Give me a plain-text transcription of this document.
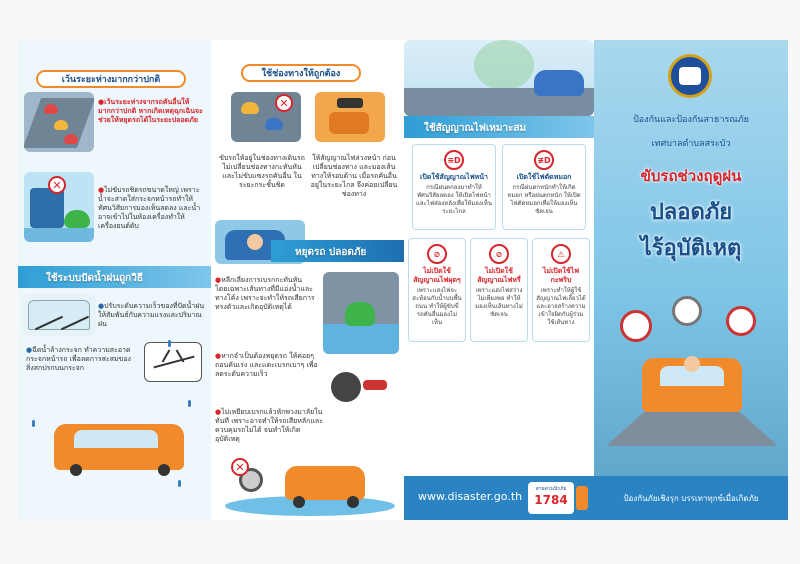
เว้นระยะห่างมากกว่าปกติ
● เว้นระยะห่างจากรถคันอื่นให้มากกว่าปกติ หากเกิดเหตุฉุกเฉินจะช่วยให้หยุดรถได้ในระยะปลอดภัย
✕
●	ไม่ขับรถชิดรถขนาดใหญ่ เพราะน้ำจะสาดใส่กระจกหน้ารถทำให้ทัศนวิสัยการมองเห็นลดลง และน้ำอาจเข้าไปในห้องเครื่องทำให้เครื่องยนต์ดับ
ใช้ระบบปัดน้ำฝนถูกวิธี
● ปรับระดับความเร็วของที่ปัดน้ำฝน ให้สัมพันธ์กับความแรงและปริมาณฝน
● ฉีดน้ำล้างกระจก ทำความสะอาดกระจกหน้ารถ เพื่อลดการสะสมของสิ่งสกปรกบนกระจก
ใช้ช่องทางให้ถูกต้อง
✕
ขับรถให้อยู่ในช่องทางเดินรถ ไม่เปลี่ยนช่องทางกะทันหัน และไม่ขับแซงรถคันอื่น ในระยะกระชั้นชิด
ให้สัญญาณไฟล่วงหน้า ก่อนเปลี่ยนช่องทาง และมองเส้นทางให้รอบด้าน เมื่อรถคันอื่นอยู่ในระยะไกล จึงค่อยเปลี่ยนช่องทาง
หยุดรถ ปลอดภัย
● หลีกเลี่ยงการเบรกกะทันหัน โดยเฉพาะเส้นทางที่มีแอ่งน้ำและทางโค้ง เพราะจะทำให้รถเสียการทรงตัวและเกิดอุบัติเหตุได้
● หากจำเป็นต้องหยุดรถ ให้ค่อยๆ ถอนคันเร่ง และแตะเบรกเบาๆ เพื่อลดระดับความเร็ว
● ไม่เหยียบเบรกแล้วหักพวงมาลัยในทันที เพราะอาจทำให้รถเสียหลักและควบคุมรถไม่ได้ จนทำให้เกิดอุบัติเหตุ
✕
ใช้สัญญาณไฟเหมาะสม
≡D
เปิดใช้สัญญาณไฟหน้า
กรณีฝนตกลงมาทำให้ทัศนวิสัยลดลง ให้เปิดไฟหน้า และไฟส่องหลังเพื่อให้มองเห็นระยะไกล
≢D
เปิดใช้ไฟตัดหมอก
กรณีฝนตกหนักทำให้เกิดหมอก หรือฝนตกหนัก ให้เปิดไฟตัดหมอกเพื่อให้มองเห็นชัดเจน
⊘
ไม่เปิดใช้สัญญาณไฟผุดๆ
เพราะแสงไฟจะสะท้อนกับน้ำบนพื้นถนน ทำให้ผู้ขับขี่รถคันอื่นมองไม่เห็น
⊘
ไม่เปิดใช้สัญญาณไฟหรี่
เพราะแสงไฟสว่างไม่เพียงพอ ทำให้มองเห็นเส้นทางไม่ชัดเจน
⚠
ไม่เปิดใช้ไฟกะพริบ
เพราะทำให้ผู้ใช้สัญญาณไฟเลี้ยวได้ และอาจสร้างความเข้าใจผิดกับผู้ร่วมใช้เส้นทาง
www.disaster.go.th
สายด่วนนิรภัย
1784
ป้องกันและป้องกันสาธารณภัย
เทศบาลตำบลสระบัว
ขับรถช่วงฤดูฝน
ปลอดภัย
ไร้อุบัติเหตุ
ป้องกันภัยเชิงรุก บรรเทาทุกข์เมื่อเกิดภัย
